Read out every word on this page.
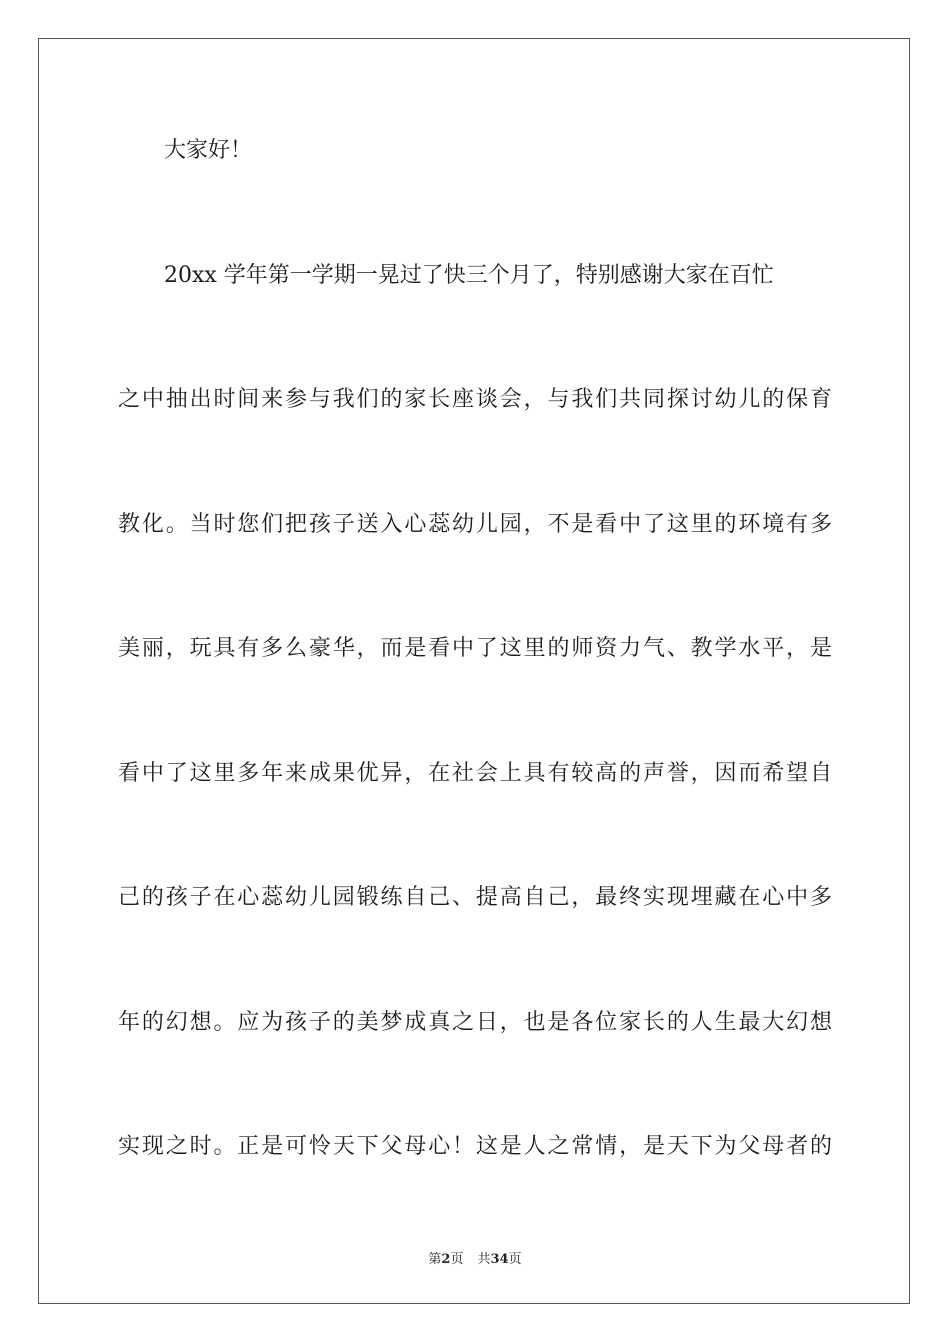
大家好！
20xx 学年第一学期一晃过了快三个月了，特别感谢大家在百忙
之中抽出时间来参与我们的家长座谈会，与我们共同探讨幼儿的保育
教化。当时您们把孩子送入心蕊幼儿园，不是看中了这里的环境有多
美丽，玩具有多么豪华，而是看中了这里的师资力气、教学水平，是
看中了这里多年来成果优异，在社会上具有较高的声誉，因而希望自
己的孩子在心蕊幼儿园锻练自己、提高自己，最终实现埋藏在心中多
年的幻想。应为孩子的美梦成真之日，也是各位家长的人生最大幻想
实现之时。正是可怜天下父母心！这是人之常情，是天下为父母者的
第2页 共34页
